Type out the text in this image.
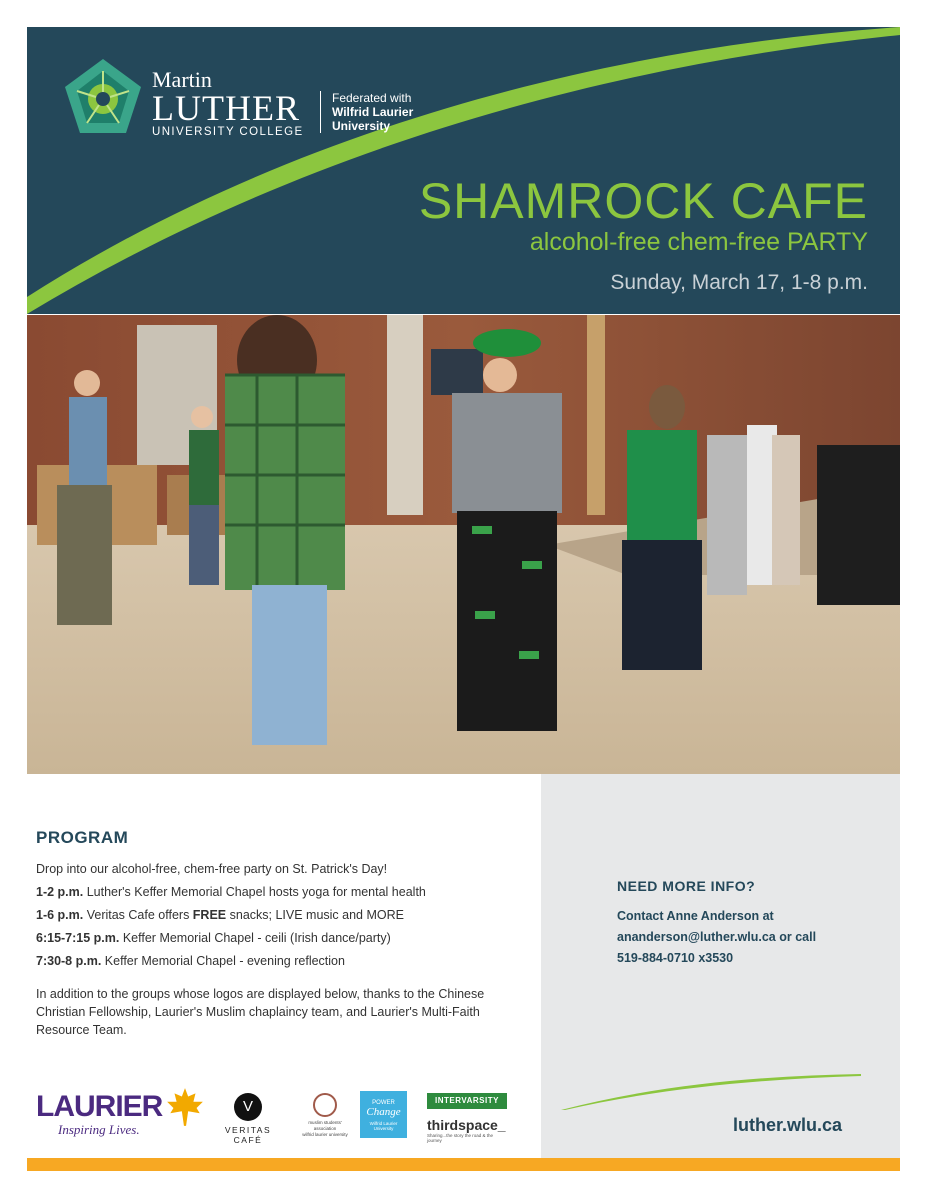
Martin
LUTHER
UNIVERSITY COLLEGE
Federated with
Wilfrid Laurier
University
SHAMROCK CAFE
alcohol-free chem-free PARTY
Sunday, March 17, 1-8 p.m.
PROGRAM

Drop into our alcohol-free, chem-free party on St. Patrick's Day!

1-2 p.m. Luther's Keffer Memorial Chapel hosts yoga for mental health

1-6 p.m. Veritas Cafe offers FREE snacks; LIVE music and MORE

6:15-7:15 p.m. Keffer Memorial Chapel - ceili (Irish dance/party)

7:30-8 p.m. Keffer Memorial Chapel - evening reflection

In addition to the groups whose logos are displayed below, thanks to the Chinese Christian Fellowship, Laurier's Muslim chaplaincy team, and Laurier's Multi-Faith Resource Team.

NEED MORE INFO?
Contact Anne Anderson at
ananderson@luther.wlu.ca or call
519-884-0710 x3530
luther.wlu.ca
LAURIER
Inspiring Lives.
V
VERITAS CAFÉ
muslim students' association
wilfrid laurier university
POWER
Change
Wilfrid Laurier University
INTERVARSITY
thirdspace_
Sharing...the story the road & the journey
